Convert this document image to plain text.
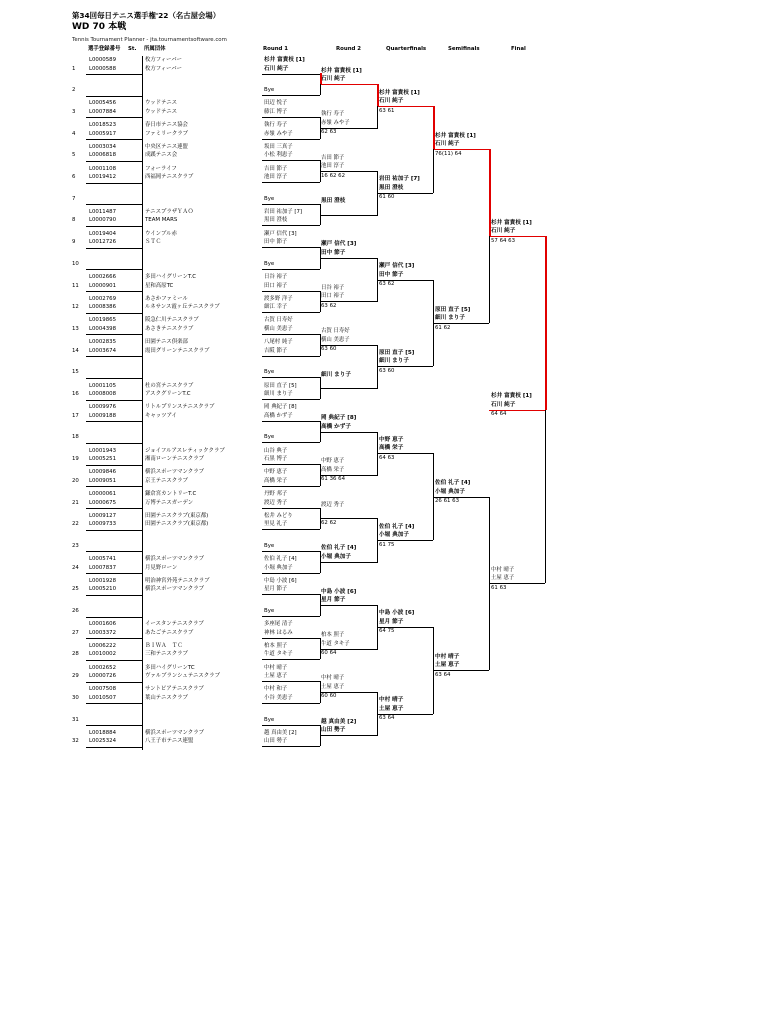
第34回毎日テニス選手権'22（名古屋会場）
WD 70 本戦
Tennis Tournament Planner - jta.tournamentsoftware.com
選手登録番号 St. 所属団体	Round 1	Round 2	Quarterfinals	Semifinals	Final
1
L0000589	枚方フィーバー	杉井 富貴枝 [1]
L0000588	枚方フィーバー	石川 純子
2	Bye
3
L0005456	ウッドテニス	田辺 悦子
L0007884	ウッドテニス	藤江 博子
4
L0018523	春日市テニス協会	執行 寿子
L0005917	ファミリークラブ	赤嶺 みや子
5
L0003034	中央区テニス連盟	坂田 三真子
L0006818	成蹊テニス会	小松 利恵子
6
L0001108	フォーライフ	吉田 節子
L0019412	西福岡テニスクラブ	池田 淳子
7	Bye
8
L0011487	テニスプラザＹＡＯ	岩田 祐加子 [7]
L0000790	TEAM MARS	黒田 澄枝
9
L0019404	ウインブル赤	瀬戸 信代 [3]
L0012726	ＳＴＣ	田中 節子
10	Bye
11
L0002666	多田ハイグリーンT.C	日谷 裕子
L0000901	星和高原TC	田口 裕子
12
L0002769	あさかファミール	渡多野 洋子
L0008386	ルネサンス霞ヶ丘テニスクラブ	細江 幸子
13
L0019865	阪急仁川テニスクラブ	古賀 日寿好
L0004398	あさきテニスクラブ	横山 美恵子
14
L0002835	田園テニス倶楽部	八尾村 純子
L0003674	霞田グリーンテニスクラブ	吉阪 節子
15	Bye
16
L0001105	杜の宮テニスクラブ	原田 直子 [5]
L0008008	アスクグリーンT.C	細川 まり子
17
L0009976	リトルプリンステニスクラブ	岡 典紀子 [8]
L0009188	キャッツアイ	高橋 かず子
18	Bye
19
L0001943	ジョイフルアスレティッククラブ	山谷 典子
L0005251	湘南ローンテニスクラブ	石黒 博子
20
L0009846	横浜スポーツマンクラブ	中野 恵子
L0009051	京王テニスクラブ	高橋 栄子
21
L0000061	鎌倉宮カントリーT.C	丹野 邦子
L0000675	万博テニスガーデン	渡辺 秀子
22
L0009127	田園テニスクラブ(東京都)	松井 みどり
L0009733	田園テニスクラブ(東京都)	里見 礼子
23	Bye
24
L0005741	横浜スポーツマンクラブ	佐伯 礼子 [4]
L0007837	月見野ローン	小堀 典加子
25
L0001928	明治神宮外苑テニスクラブ	中島 小波 [6]
L0005210	横浜スポーツマンクラブ	星月 節子
26	Bye
27
L0001606	イースタンテニスクラブ	多座尾 清子
L0003372	あたごテニスクラブ	神林 はるみ
28
L0006222	ＢＩＷＡ　ＴＣ	柏本 照子
L0010002	三和テニスクラブ	牛道 タキ子
29
L0002652	多田ハイグリーンTC	中村 晴子
L0000726	ヴァルブランシュテニスクラブ	土屋 恵子
30
L0007508	サントピアテニスクラブ	中村 和子
L0010507	葉山テニスクラブ	小谷 美恵子
31	Bye
32
L0018884	横浜スポーツマンクラブ	越 真由美 [2]
L0025324	八王子市テニス連盟	山田 勢子
杉井 富貴枝 [1]
石川 純子
執行 寿子
赤嶺 みや子
62 63
吉田 節子
池田 淳子
16 62 62
黒田 澄枝
瀬戸 信代 [3]
田中 節子
日谷 裕子
田口 裕子
63 62
古賀 日寿好
横山 美恵子
63 60
細川 まり子
岡 典紀子 [8]
高橋 かず子
中野 恵子
高橋 栄子
61 36 64
渡辺 秀子
62 62
佐伯 礼子 [4]
小堀 典加子
中島 小波 [6]
星月 節子
柏本 照子
牛道 タキ子
60 64
中村 晴子
土屋 恵子
60 60
越 真由美 [2]
山田 勢子
杉井 富貴枝 [1]
石川 純子
63 61
岩田 祐加子 [7]
黒田 澄枝
61 60
瀬戸 信代 [3]
田中 節子
63 62
原田 直子 [5]
細川 まり子
63 60
中野 恵子
高橋 栄子
64 63
佐伯 礼子 [4]
小堀 典加子
61 75
中島 小波 [6]
星月 節子
64 75
中村 晴子
土屋 恵子
63 64
杉井 富貴枝 [1]
石川 純子
76(11) 64
原田 直子 [5]
細川 まり子
61 62
佐伯 礼子 [4]
小堀 典加子
26 61 63
中村 晴子
土屋 恵子
63 64
杉井 富貴枝 [1]
石川 純子
57 64 63
中村 晴子
土屋 恵子
61 63
杉井 富貴枝 [1]
石川 純子
64 64
